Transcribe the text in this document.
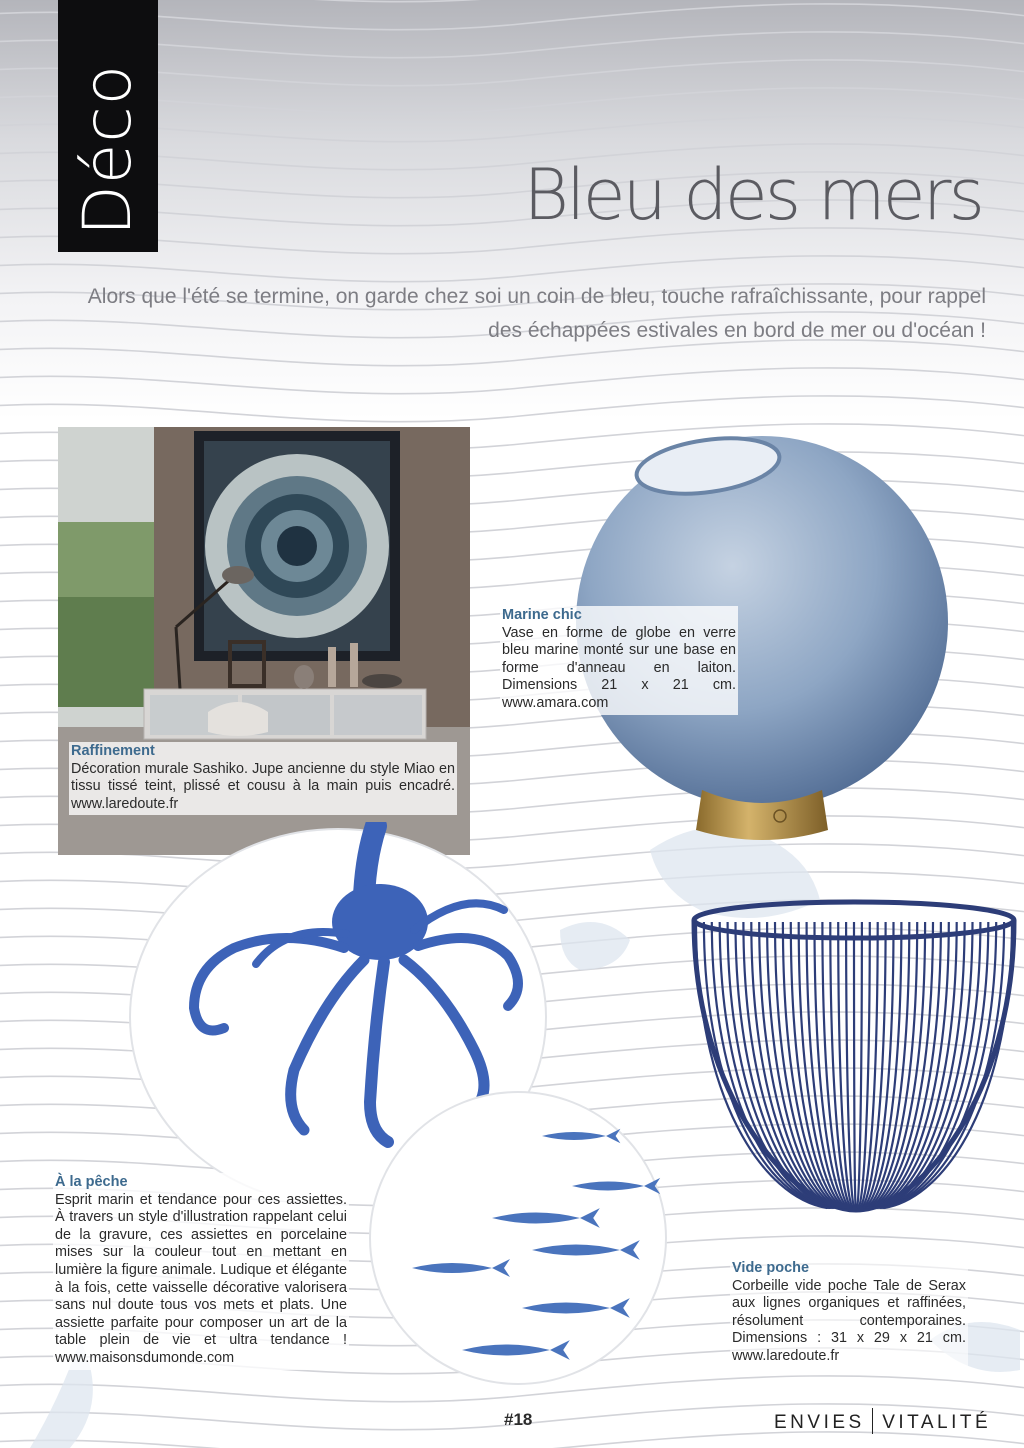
Déco	Bleu des mers

Alors que l'été se termine, on garde chez soi un coin de bleu, touche rafraîchissante, pour rappel des échappées estivales en bord de mer ou d'océan !

Raffinement
Décoration murale Sashiko. Jupe ancienne du style Miao en tissu tissé teint, plissé et cousu à la main puis encadré. www.laredoute.fr
Marine chic
Vase en forme de globe en verre bleu marine monté sur une base en forme d'anneau en laiton. Dimensions 21 x 21 cm. www.amara.com
À la pêche
Esprit marin et tendance pour ces assiettes. À travers un style d'illustration rappelant celui de la gravure, ces assiettes en porcelaine mises sur la couleur tout en mettant en lumière la figure animale. Ludique et élégante à la fois, cette vaisselle décorative valorisera sans nul doute tous vos mets et plats. Une assiette parfaite pour composer un art de la table plein de vie et ultra tendance ! www.maisonsdumonde.com
Vide poche
Corbeille vide poche Tale de Serax aux lignes organiques et raffinées, résolument contemporaines. Dimensions : 31 x 29 x 21 cm. www.laredoute.fr
#18	ENVIES VITALITÉ
